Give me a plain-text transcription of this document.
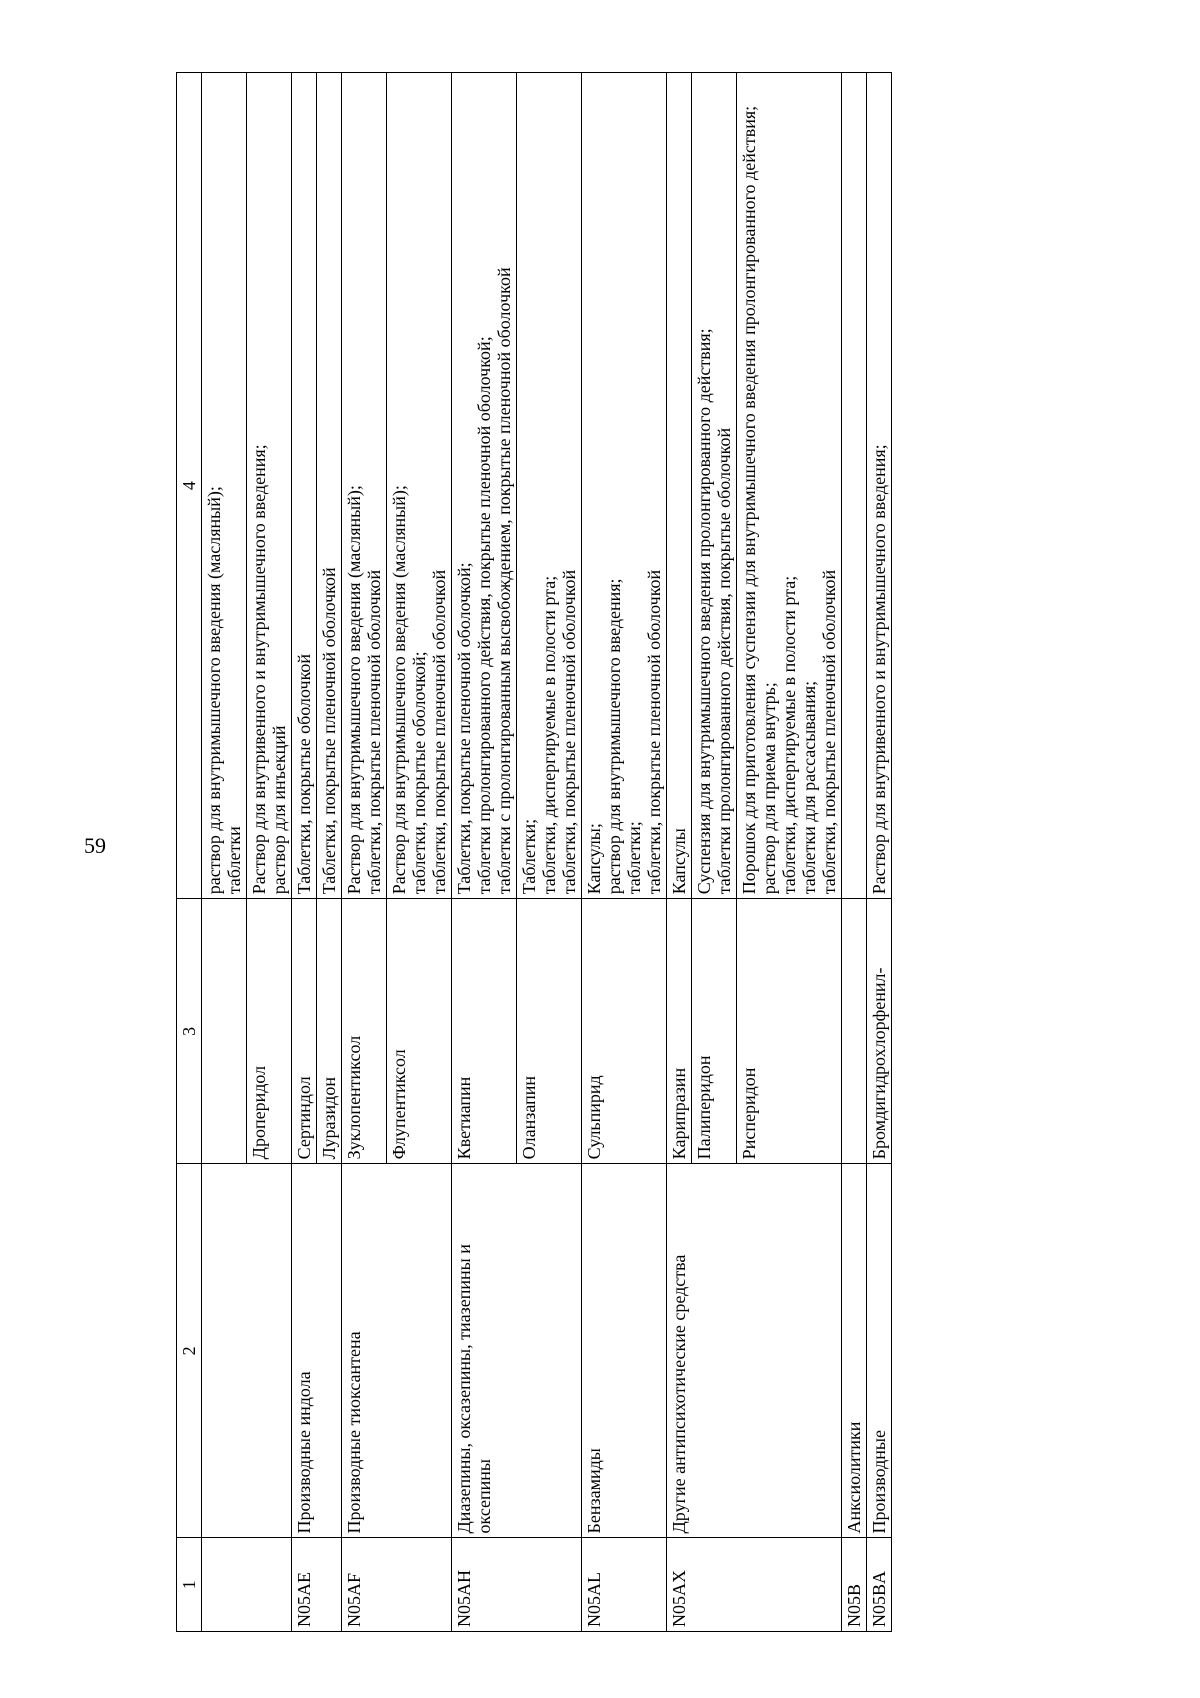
59
1	2	3	4

			раствор для внутримышечного введения (масляный); таблетки

		Дроперидол	Раствор для внутривенного и внутримышечного введения; раствор для инъекций

N05AE	Производные индола	Сертиндол	Таблетки, покрытые оболочкой

		Луразидон	Таблетки, покрытые пленочной оболочкой

N05AF	Производные тиоксантена	Зуклопентиксол	Раствор для внутримышечного введения (масляный); таблетки, покрытые пленочной оболочкой

		Флупентиксол	Раствор для внутримышечного введения (масляный); таблетки, покрытые оболочкой; таблетки, покрытые пленочной оболочкой

N05AH	Диазепины, оксазепины, тиазепины и оксепины	Кветиапин	Таблетки, покрытые пленочной оболочкой; таблетки пролонгированного действия, покрытые пленочной оболочкой; таблетки с пролонгированным высвобождением, покрытые пленочной оболочкой

		Оланзапин	Таблетки; таблетки, диспергируемые в полости рта; таблетки, покрытые пленочной оболочкой

N05AL	Бензамиды	Сульпирид	Капсулы; раствор для внутримышечного введения; таблетки; таблетки, покрытые пленочной оболочкой

N05AX	Другие антипсихотические средства	Карипразин	Капсулы

		Палиперидон	Суспензия для внутримышечного введения пролонгированного действия; таблетки пролонгированного действия, покрытые оболочкой

		Рисперидон	Порошок для приготовления суспензии для внутримышечного введения пролонгированного действия; раствор для приема внутрь; таблетки, диспергируемые в полости рта; таблетки для рассасывания; таблетки, покрытые пленочной оболочкой

N05B	Анксиолитики		
N05BA	Производные	Бромдигидрохлорфенил-	Раствор для внутривенного и внутримышечного введения;
